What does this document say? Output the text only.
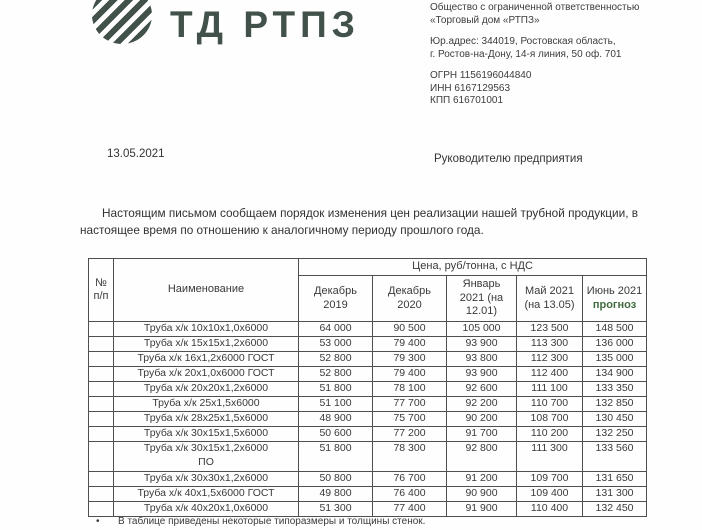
ТД РТПЗ	Общество с ограниченной ответственностью
«Торговый дом «РТПЗ»
Юр.адрес: 344019, Ростовская область,
г. Ростов-на-Дону, 14-я линия, 50 оф. 701
ОГРН 1156196044840
ИНН 6167129563
КПП 616701001
13.05.2021	Руководителю предприятия
Настоящим письмом сообщаем порядок изменения цен реализации нашей трубной продукции, в настоящее время по отношению к аналогичному периоду прошлого года.
№ п/п	Наименование	Цена, руб/тонна, с НДС				
		Декабрь 2019	Декабрь 2020	Январь 2021 (на 12.01)	Май 2021 (на 13.05)	Июнь 2021
прогноз

	Труба х/к 10х10х1,0х6000	64 000	90 500	105 000	123 500	148 500
	Труба х/к 15х15х1,2х6000	53 000	79 400	93 900	113 300	136 000
	Труба х/к 16х1,2х6000 ГОСТ	52 800	79 300	93 800	112 300	135 000
	Труба х/к 20х1,0х6000 ГОСТ	52 800	79 400	93 900	112 400	134 900
	Труба х/к 20х20х1,2х6000	51 800	78 100	92 600	111 100	133 350
	Труба х/к 25х1,5х6000	51 100	77 700	92 200	110 700	132 850
	Труба х/к 28х25х1,5х6000	48 900	75 700	90 200	108 700	130 450
	Труба х/к 30х15х1,5х6000	50 600	77 200	91 700	110 200	132 250

	Труба х/к 30х15х1,2х6000
ПО	51 800	78 300	92 800	111 300	133 560
	Труба х/к 30х30х1,2х6000	50 800	76 700	91 200	109 700	131 650
	Труба х/к 40х1,5х6000 ГОСТ	49 800	76 400	90 900	109 400	131 300
	Труба х/к 40х20х1,0х6000	51 300	77 400	91 900	110 400	132 450
• В таблице приведены некоторые типоразмеры и толщины стенок.
